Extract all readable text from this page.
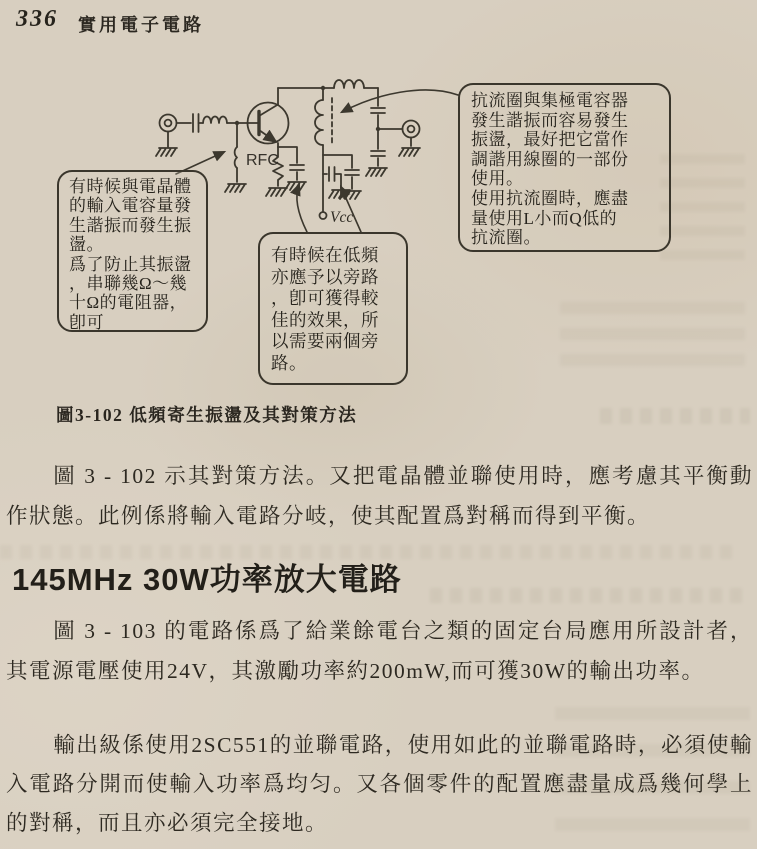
336 實用電子電路
RFC
Vcc
有時候與電晶體
的輸入電容量發
生諧振而發生振
盪。
爲了防止其振盪
，串聯幾Ω～幾
十Ω的電阻器，
卽可
抗流圈與集極電容器
發生諧振而容易發生
振盪，最好把它當作
調諧用線圈的一部份
使用。
使用抗流圈時，應盡
量使用L小而Q低的
抗流圈。
有時候在低頻
亦應予以旁路
，卽可獲得較
佳的效果，所
以需要兩個旁
路。
圖3-102 低頻寄生振盪及其對策方法
圖 3 - 102 示其對策方法。又把電晶體並聯使用時，應考慮其平衡動作狀態。此例係將輸入電路分岐，使其配置爲對稱而得到平衡。
145MHz 30W功率放大電路
圖 3 - 103 的電路係爲了給業餘電台之類的固定台局應用所設計者，其電源電壓使用24V，其激勵功率約200mW,而可獲30W的輸出功率。
輸出級係使用2SC551的並聯電路，使用如此的並聯電路時，必須使輸入電路分開而使輸入功率爲均匀。又各個零件的配置應盡量成爲幾何學上的對稱，而且亦必須完全接地。
